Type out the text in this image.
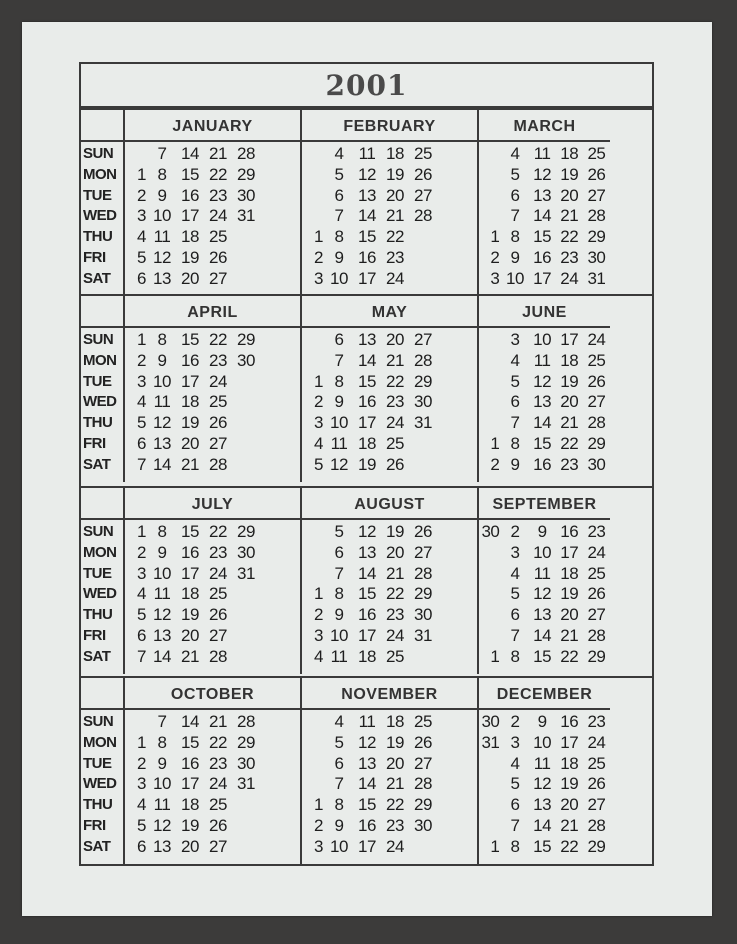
2001
SUN
MON
TUE
WED
THU
FRI
SAT
JANUARY
7 14 21 28
1 8 15 22 29
2 9 16 23 30
3 10 17 24 31
4 11 18 25
5 12 19 26
6 13 20 27
FEBRUARY
4 11 18 25
5 12 19 26
6 13 20 27
7 14 21 28
1 8 15 22
2 9 16 23
3 10 17 24
MARCH
4 11 18 25
5 12 19 26
6 13 20 27
7 14 21 28
1 8 15 22 29
2 9 16 23 30
3 10 17 24 31
SUN
MON
TUE
WED
THU
FRI
SAT
APRIL
1 8 15 22 29
2 9 16 23 30
3 10 17 24
4 11 18 25
5 12 19 26
6 13 20 27
7 14 21 28
MAY
6 13 20 27
7 14 21 28
1 8 15 22 29
2 9 16 23 30
3 10 17 24 31
4 11 18 25
5 12 19 26
JUNE
3 10 17 24
4 11 18 25
5 12 19 26
6 13 20 27
7 14 21 28
1 8 15 22 29
2 9 16 23 30
SUN
MON
TUE
WED
THU
FRI
SAT
JULY
1 8 15 22 29
2 9 16 23 30
3 10 17 24 31
4 11 18 25
5 12 19 26
6 13 20 27
7 14 21 28
AUGUST
5 12 19 26
6 13 20 27
7 14 21 28
1 8 15 22 29
2 9 16 23 30
3 10 17 24 31
4 11 18 25
SEPTEMBER
30 2	9 16 23
3 10 17 24
4 11 18 25
5 12 19 26
6 13 20 27
7 14 21 28
1 8 15 22 29
SUN
MON
TUE
WED
THU
FRI
SAT
OCTOBER
7 14 21 28
1 8 15 22 29
2 9 16 23 30
3 10 17 24 31
4 11 18 25
5 12 19 26
6 13 20 27
NOVEMBER
4 11 18 25
5 12 19 26
6 13 20 27
7 14 21 28
1 8 15 22 29
2 9 16 23 30
3 10 17 24
DECEMBER
30 2	9 16 23
31 3 10 17 24
4 11 18 25
5 12 19 26
6 13 20 27
7 14 21 28
1 8 15 22 29
